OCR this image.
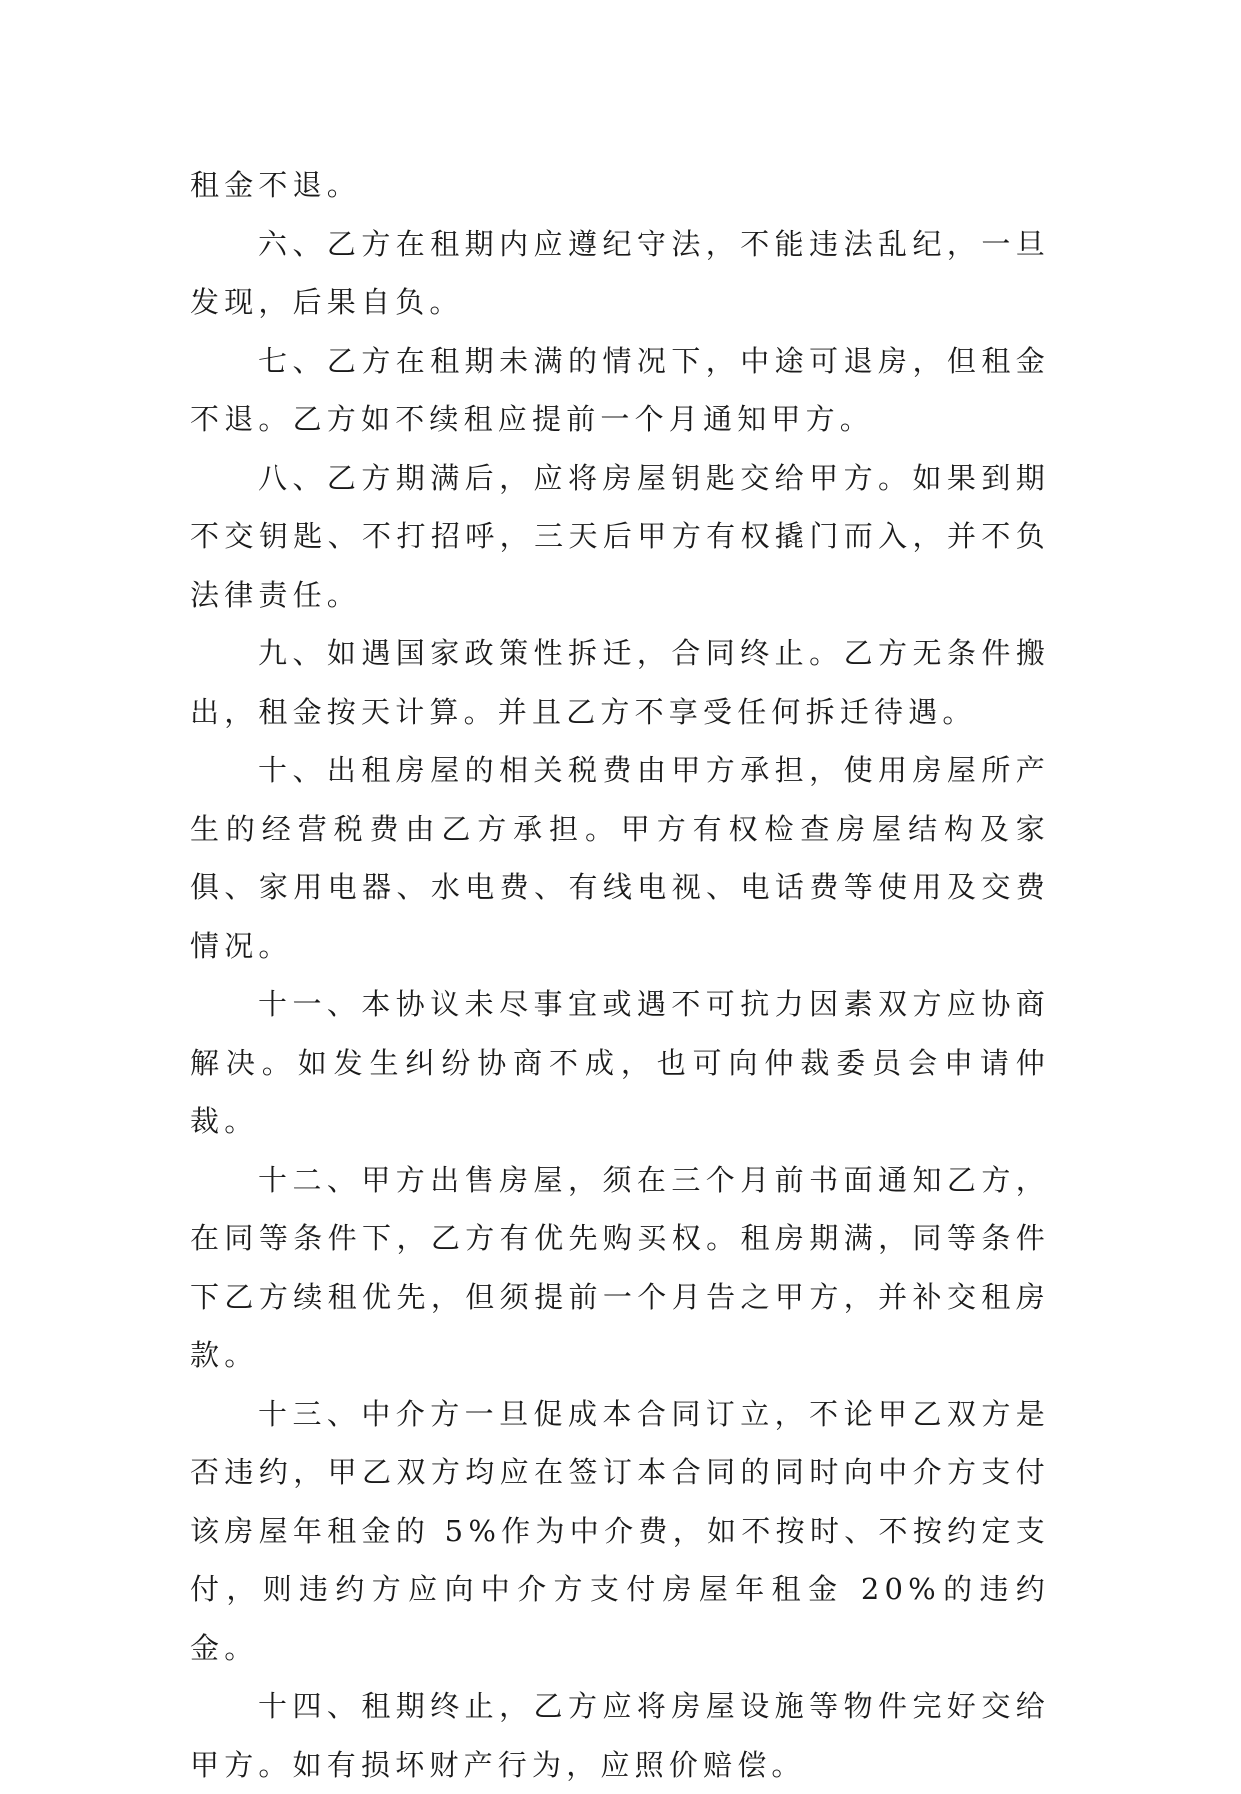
租金不退。

六、乙方在租期内应遵纪守法，不能违法乱纪，一旦发现，后果自负。

七、乙方在租期未满的情况下，中途可退房，但租金不退。乙方如不续租应提前一个月通知甲方。

八、乙方期满后，应将房屋钥匙交给甲方。如果到期不交钥匙、不打招呼，三天后甲方有权撬门而入，并不负法律责任。

九、如遇国家政策性拆迁，合同终止。乙方无条件搬出，租金按天计算。并且乙方不享受任何拆迁待遇。

十、出租房屋的相关税费由甲方承担，使用房屋所产生的经营税费由乙方承担。甲方有权检查房屋结构及家俱、家用电器、水电费、有线电视、电话费等使用及交费情况。

十一、本协议未尽事宜或遇不可抗力因素双方应协商解决。如发生纠纷协商不成，也可向仲裁委员会申请仲裁。

十二、甲方出售房屋，须在三个月前书面通知乙方，在同等条件下，乙方有优先购买权。租房期满，同等条件下乙方续租优先，但须提前一个月告之甲方，并补交租房款。

十三、中介方一旦促成本合同订立，不论甲乙双方是否违约，甲乙双方均应在签订本合同的同时向中介方支付该房屋年租金的 5%作为中介费，如不按时、不按约定支付，则违约方应向中介方支付房屋年租金 20%的违约金。

十四、租期终止，乙方应将房屋设施等物件完好交给甲方。如有损坏财产行为，应照价赔偿。
